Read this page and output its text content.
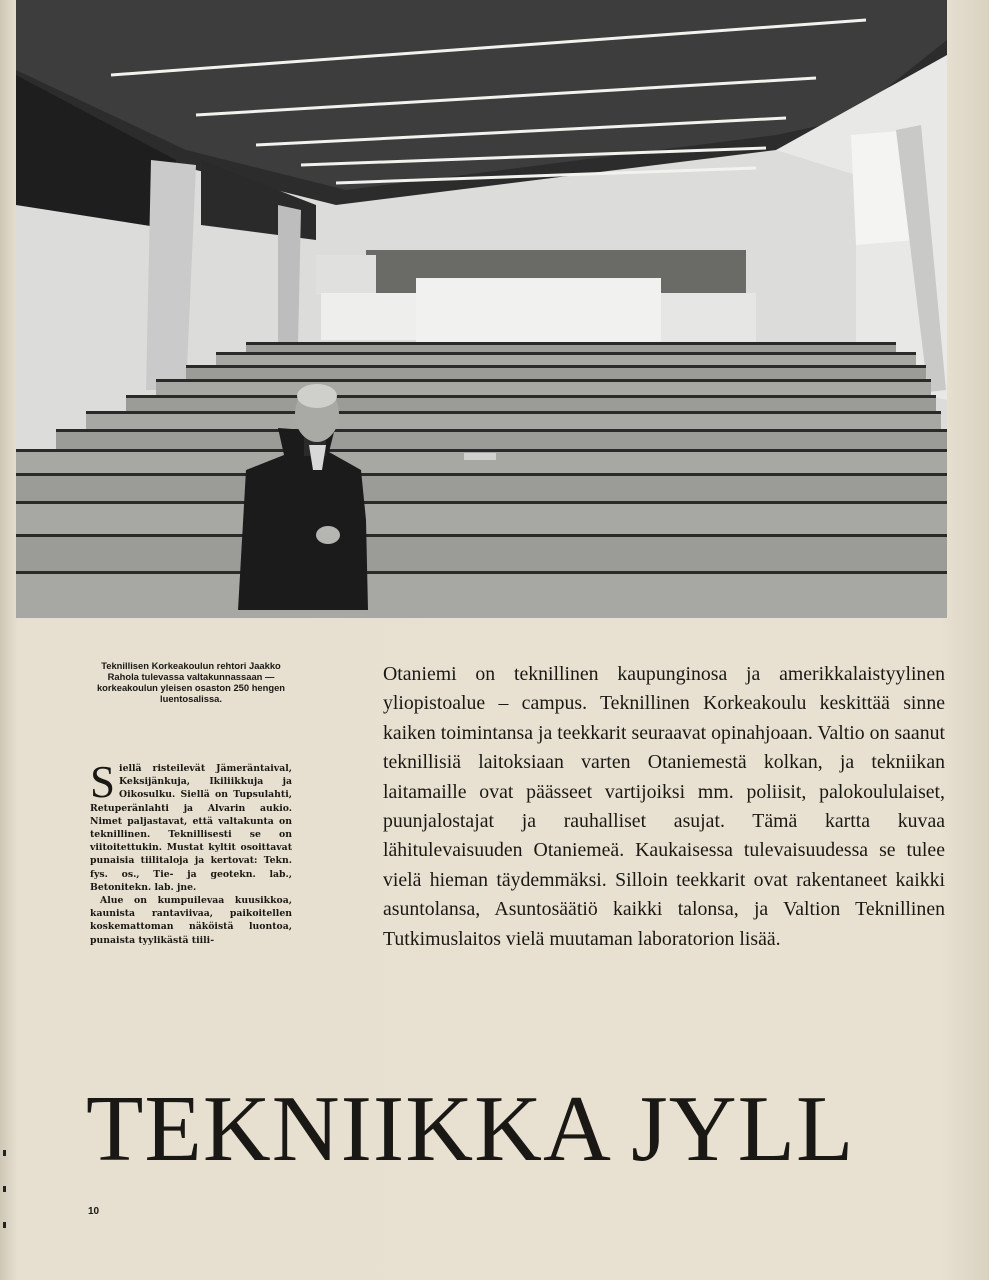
Teknillisen Korkeakoulun rehtori Jaakko Rahola tulevassa valtakunnassaan — korkeakoulun yleisen osaston 250 hengen luentosalissa.

Siellä risteilevät Jämeräntaival, Keksijänkuja, Ikiliikkuja ja Oikosulku. Siellä on Tupsulahti, Retuperänlahti ja Alvarin aukio. Nimet paljastavat, että valtakunta on teknillinen. Teknillisesti se on viitoitettukin. Mustat kyltit osoittavat punaisia tiilitaloja ja kertovat: Tekn. fys. os., Tie- ja geotekn. lab., Betonitekn. lab. jne.

Alue on kumpuilevaa kuusikkoa, kaunista rantaviivaa, paikoitellen koskemattoman näköistä luontoa, punaista tyylikästä tiili-

Otaniemi on teknillinen kaupunginosa ja amerikkalaistyylinen yliopistoalue – campus. Teknillinen Korkeakoulu keskittää sinne kaiken toimintansa ja teekkarit seuraavat opinahjoaan. Valtio on saanut teknillisiä laitoksiaan varten Otaniemestä kolkan, ja tekniikan laitamaille ovat päässeet vartijoiksi mm. poliisit, palokoululaiset, puunjalostajat ja rauhalliset asujat. Tämä kartta kuvaa lähitulevaisuuden Otaniemeä. Kaukaisessa tulevaisuudessa se tulee vielä hieman täydemmäksi. Silloin teekkarit ovat rakentaneet kaikki asuntolansa, Asuntosäätiö kaikki talonsa, ja Valtion Teknillinen Tutkimuslaitos vielä muutaman laboratorion lisää.

TEKNIIKKA JYLL
10
